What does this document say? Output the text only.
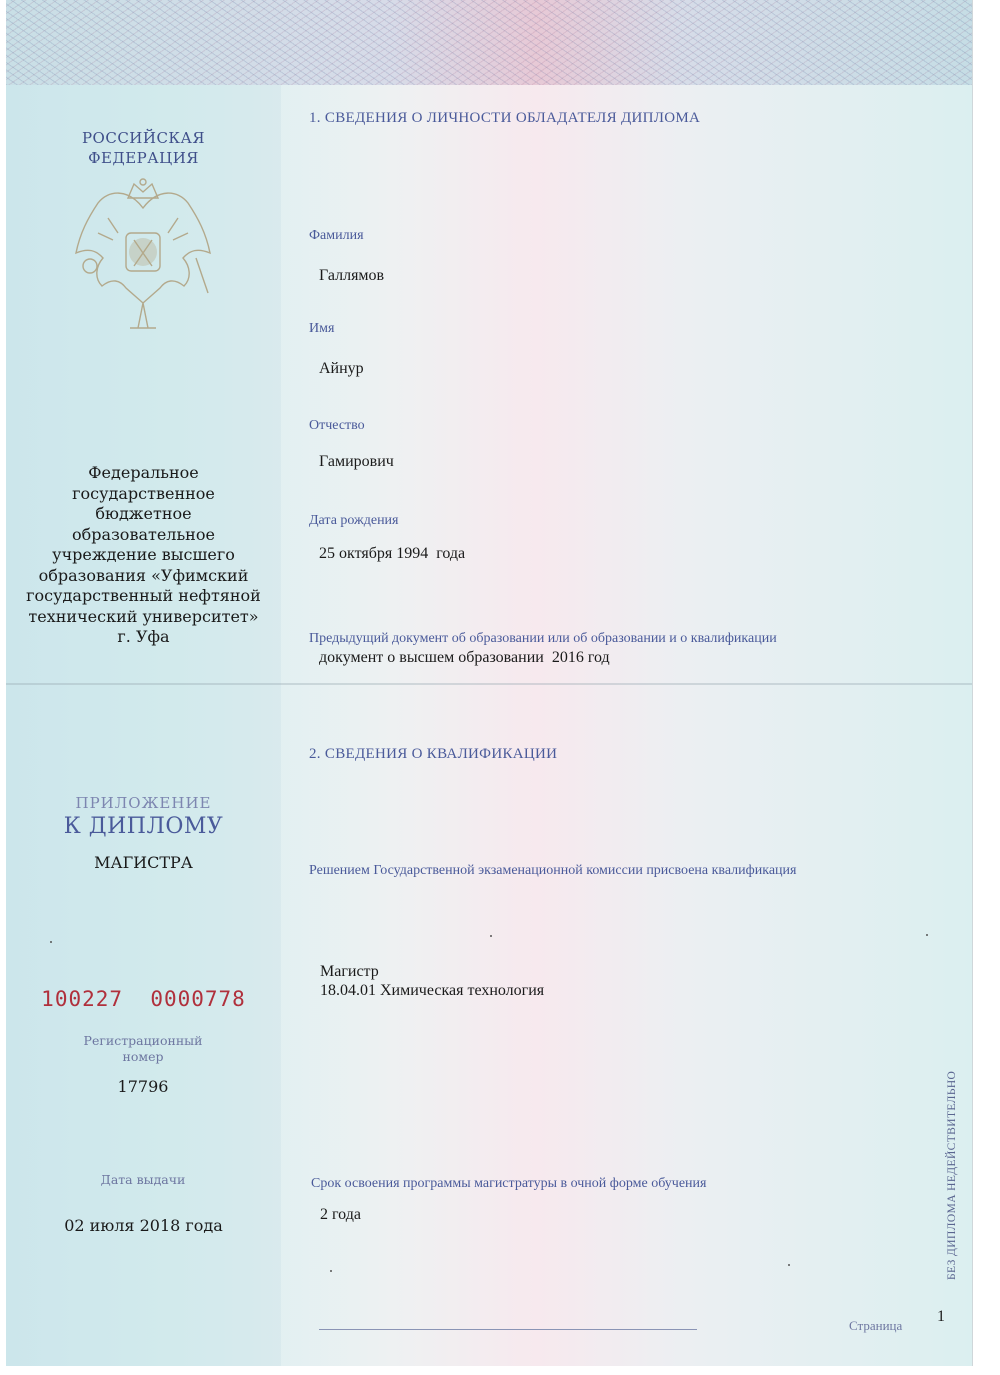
РОССИЙСКАЯ ФЕДЕРАЦИЯ
Федеральное государственное бюджетное образовательное учреждение высшего образования «Уфимский государственный нефтяной технический университет» г. Уфа
ПРИЛОЖЕНИЕ
К ДИПЛОМУ
МАГИСТРА
100227  0000778
Регистрационный номер
17796
Дата выдачи
02 июля 2018 года
1. СВЕДЕНИЯ О ЛИЧНОСТИ ОБЛАДАТЕЛЯ ДИПЛОМА
Фамилия
Галлямов
Имя
Айнур
Отчество
Гамирович
Дата рождения
25 октября 1994  года
Предыдущий документ об образовании или об образовании и о квалификации
документ о высшем образовании  2016 год
2. СВЕДЕНИЯ О КВАЛИФИКАЦИИ
Решением Государственной экзаменационной комиссии присвоена квалификация
Магистр
18.04.01 Химическая технология
Срок освоения программы магистратуры в очной форме обучения
2 года
Страница
1
БЕЗ ДИПЛОМА НЕДЕЙСТВИТЕЛЬНО
